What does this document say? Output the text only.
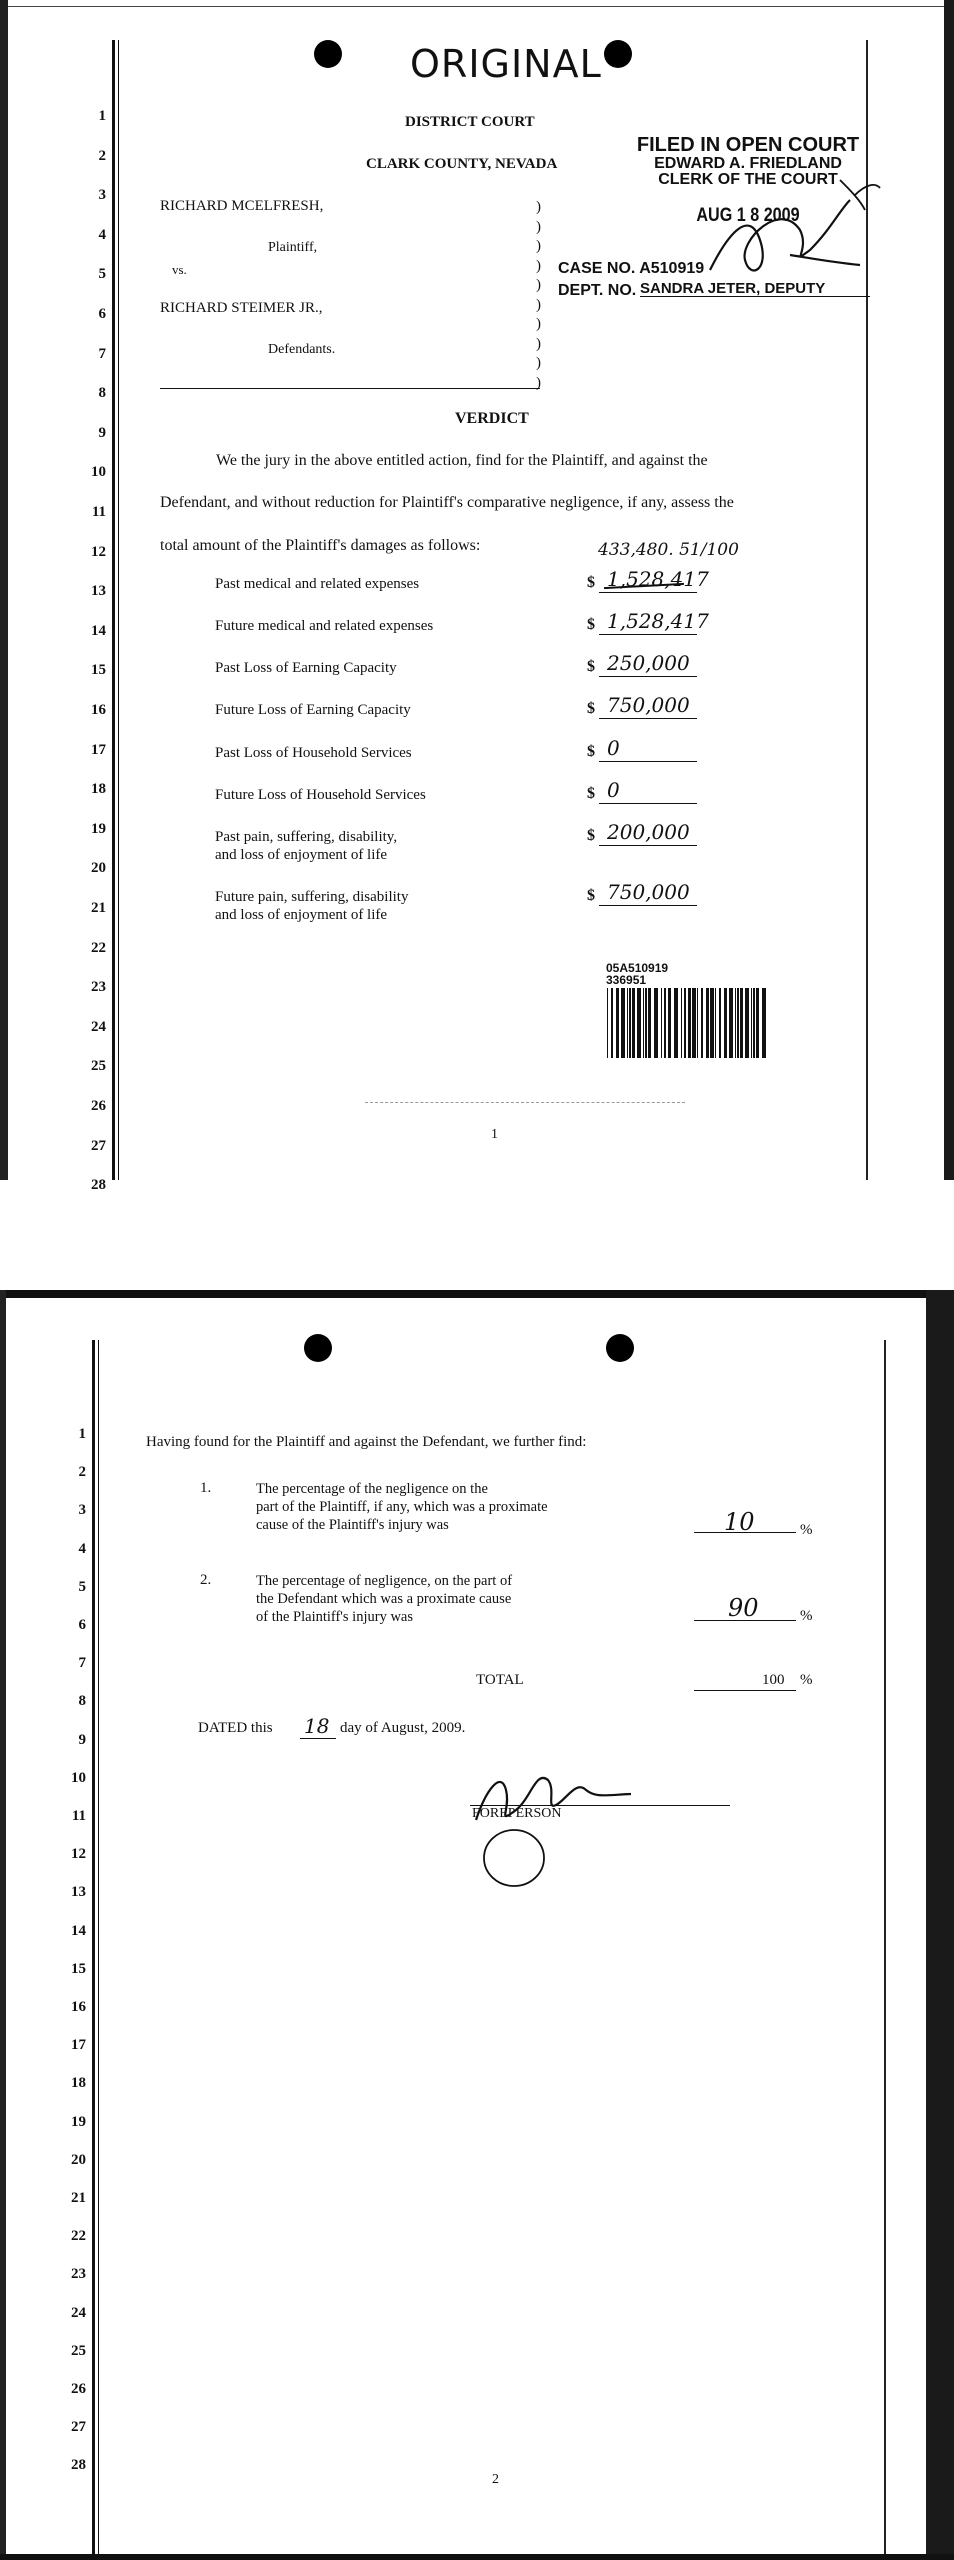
ORIGINAL
1
2
3
4
5
6
7
8
9
10
11
12
13
14
15
16
17
18
19
20
21
22
23
24
25
26
27
28
DISTRICT COURT
CLARK COUNTY, NEVADA
FILED IN OPEN COURT
EDWARD A. FRIEDLAND
CLERK OF THE COURT
AUG 1 8 2009
RICHARD MCELFRESH,
Plaintiff,
vs.
RICHARD STEIMER JR.,
Defendants.
)
)
)
)
)
)
)
)
)
)
CASE NO. A510919
DEPT. NO. SANDRA JETER, DEPUTY
VERDICT
We the jury in the above entitled action, find for the Plaintiff, and against the
Defendant, and without reduction for Plaintiff's comparative negligence, if any, assess the
total amount of the Plaintiff's damages as follows:	433,480. 51/100
Past medical and related expenses	$ 1,528,417
Future medical and related expenses	$ 1,528,417
Past Loss of Earning Capacity	$ 250,000
Future Loss of Earning Capacity	$ 750,000
Past Loss of Household Services	$ 0
Future Loss of Household Services	$ 0
Past pain, suffering, disability,
and loss of enjoyment of life
$ 200,000
Future pain, suffering, disability
and loss of enjoyment of life
$ 750,000
05A510919
336951
1
1
2
3
4
5
6
7
8
9
10
11
12
13
14
15
16
17
18
19
20
21
22
23
24
25
26
27
28
Having found for the Plaintiff and against the Defendant, we further find:
1.	The percentage of the negligence on the
part of the Plaintiff, if any, which was a proximate
cause of the Plaintiff's injury was	10	%
2.	The percentage of negligence, on the part of
the Defendant which was a proximate cause
of the Plaintiff's injury was	90	%
TOTAL	100 %
DATED this 18 day of August, 2009.
FOREPERSON
2
